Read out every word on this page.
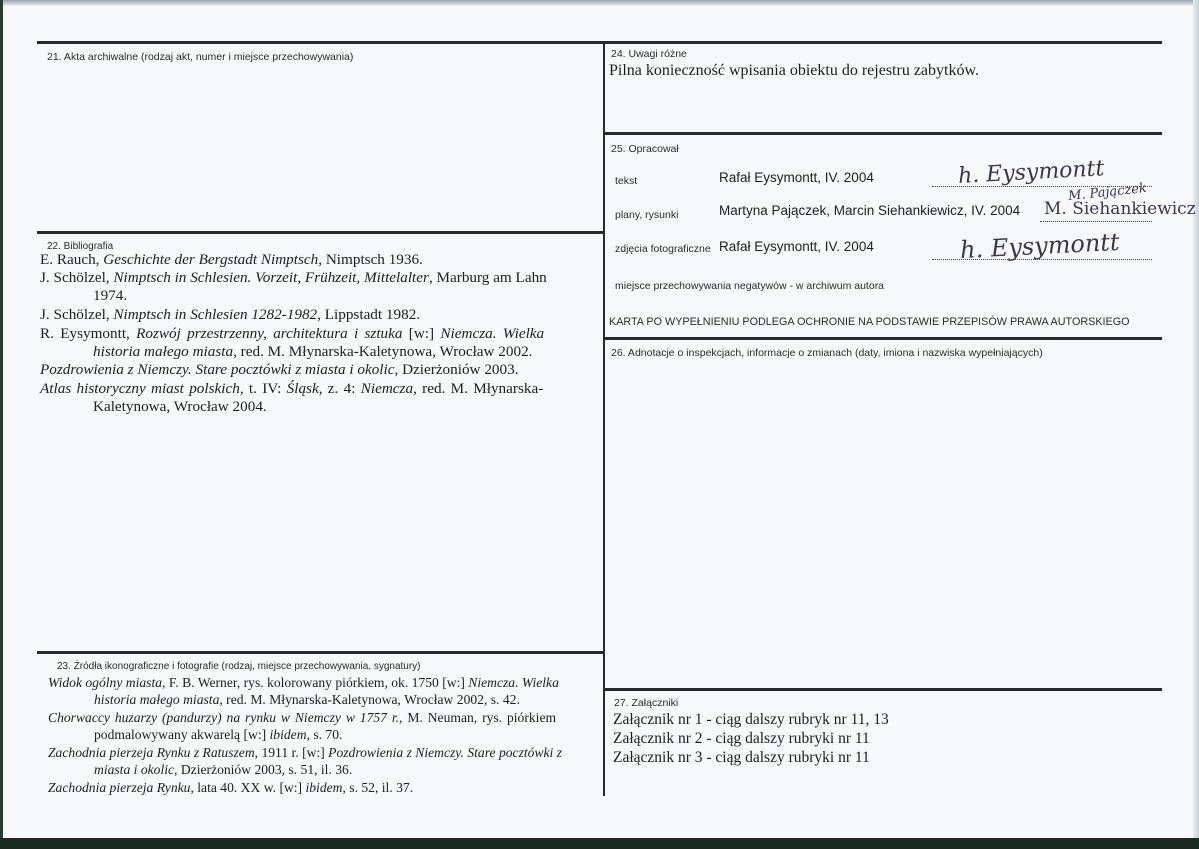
21. Akta archiwalne (rodzaj akt, numer i miejsce przechowywania)
22. Bibliografia
E. Rauch, Geschichte der Bergstadt Nimptsch, Nimptsch 1936.
J. Schölzel, Nimptsch in Schlesien. Vorzeit, Frühzeit, Mittelalter, Marburg am Lahn
1974.
J. Schölzel, Nimptsch in Schlesien 1282-1982, Lippstadt 1982.
R. Eysymontt, Rozwój przestrzenny, architektura i sztuka [w:] Niemcza. Wielka
historia małego miasta, red. M. Młynarska-Kaletynowa, Wrocław 2002.
Pozdrowienia z Niemczy. Stare pocztówki z miasta i okolic, Dzierżoniów 2003.
Atlas historyczny miast polskich, t. IV: Śląsk, z. 4: Niemcza, red. M. Młynarska-
Kaletynowa, Wrocław 2004.
23. Źródła ikonograficzne i fotografie (rodzaj, miejsce przechowywania, sygnatury)
Widok ogólny miasta, F. B. Werner, rys. kolorowany piórkiem, ok. 1750 [w:] Niemcza. Wielka
historia małego miasta, red. M. Młynarska-Kaletynowa, Wrocław 2002, s. 42.
Chorwaccy huzarzy (pandurzy) na rynku w Niemczy w 1757 r., M. Neuman, rys. piórkiem
podmalowywany akwarelą [w:] ibidem, s. 70.
Zachodnia pierzeja Rynku z Ratuszem, 1911 r. [w:] Pozdrowienia z Niemczy. Stare pocztówki z
miasta i okolic, Dzierżoniów 2003, s. 51, il. 36.
Zachodnia pierzeja Rynku, lata 40. XX w. [w:] ibidem, s. 52, il. 37.
24. Uwagi różne
Pilna konieczność wpisania obiektu do rejestru zabytków.
25. Opracował
tekst	Rafał Eysymontt, IV. 2004	h. Eysymontt
plany, rysunki	Martyna Pajączek, Marcin Siehankiewicz, IV. 2004
M. Pajączek
M. Siehankiewicz
zdjęcia fotograficzne Rafał Eysymontt, IV. 2004	h. Eysymontt
miejsce przechowywania negatywów - w archiwum autora
KARTA PO WYPEŁNIENIU PODLEGA OCHRONIE NA PODSTAWIE PRZEPISÓW PRAWA AUTORSKIEGO
26. Adnotacje o inspekcjach, informacje o zmianach (daty, imiona i nazwiska wypełniających)
27. Załączniki
Załącznik nr 1 - ciąg dalszy rubryk nr 11, 13
Załącznik nr 2 - ciąg dalszy rubryki nr 11
Załącznik nr 3 - ciąg dalszy rubryki nr 11
